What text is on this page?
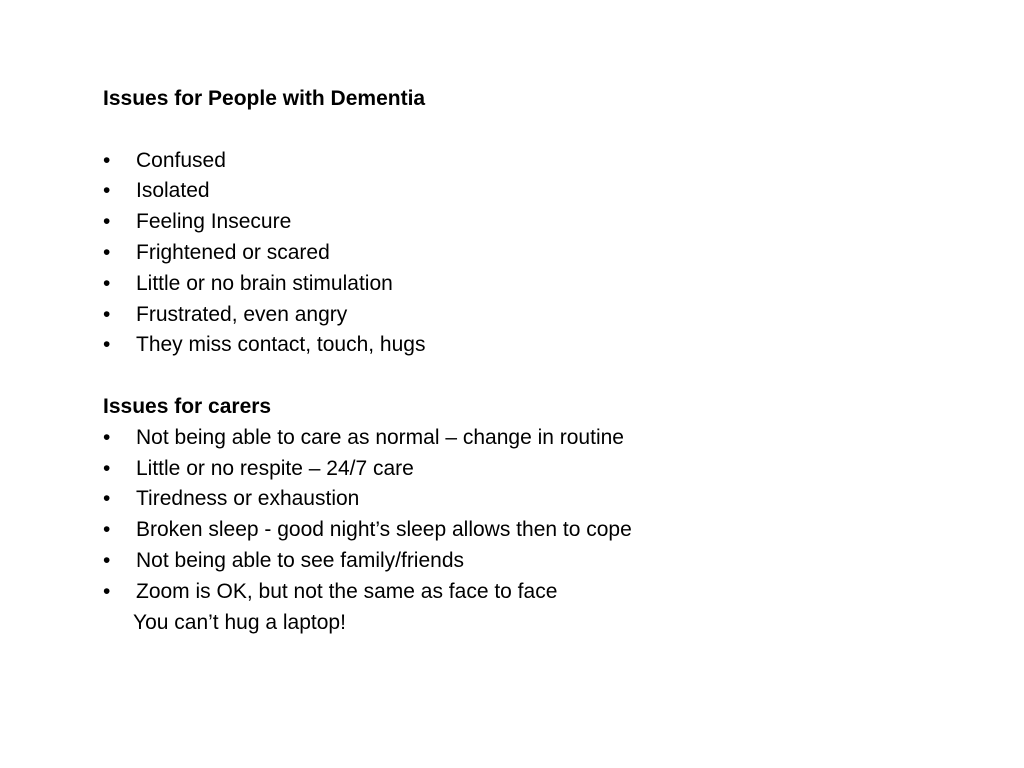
Issues for People with Dementia
•	Confused
•	Isolated
•	Feeling Insecure
•	Frightened or scared
•	Little or no brain stimulation
•	Frustrated, even angry
•	They miss contact, touch, hugs
Issues for carers
•	Not being able to care as normal – change in routine
•	Little or no respite – 24/7 care
•	Tiredness or exhaustion
•	Broken sleep - good night’s sleep allows then to cope
•	Not being able to see family/friends
•	Zoom is OK, but not the same as face to face
You can’t hug a laptop!
